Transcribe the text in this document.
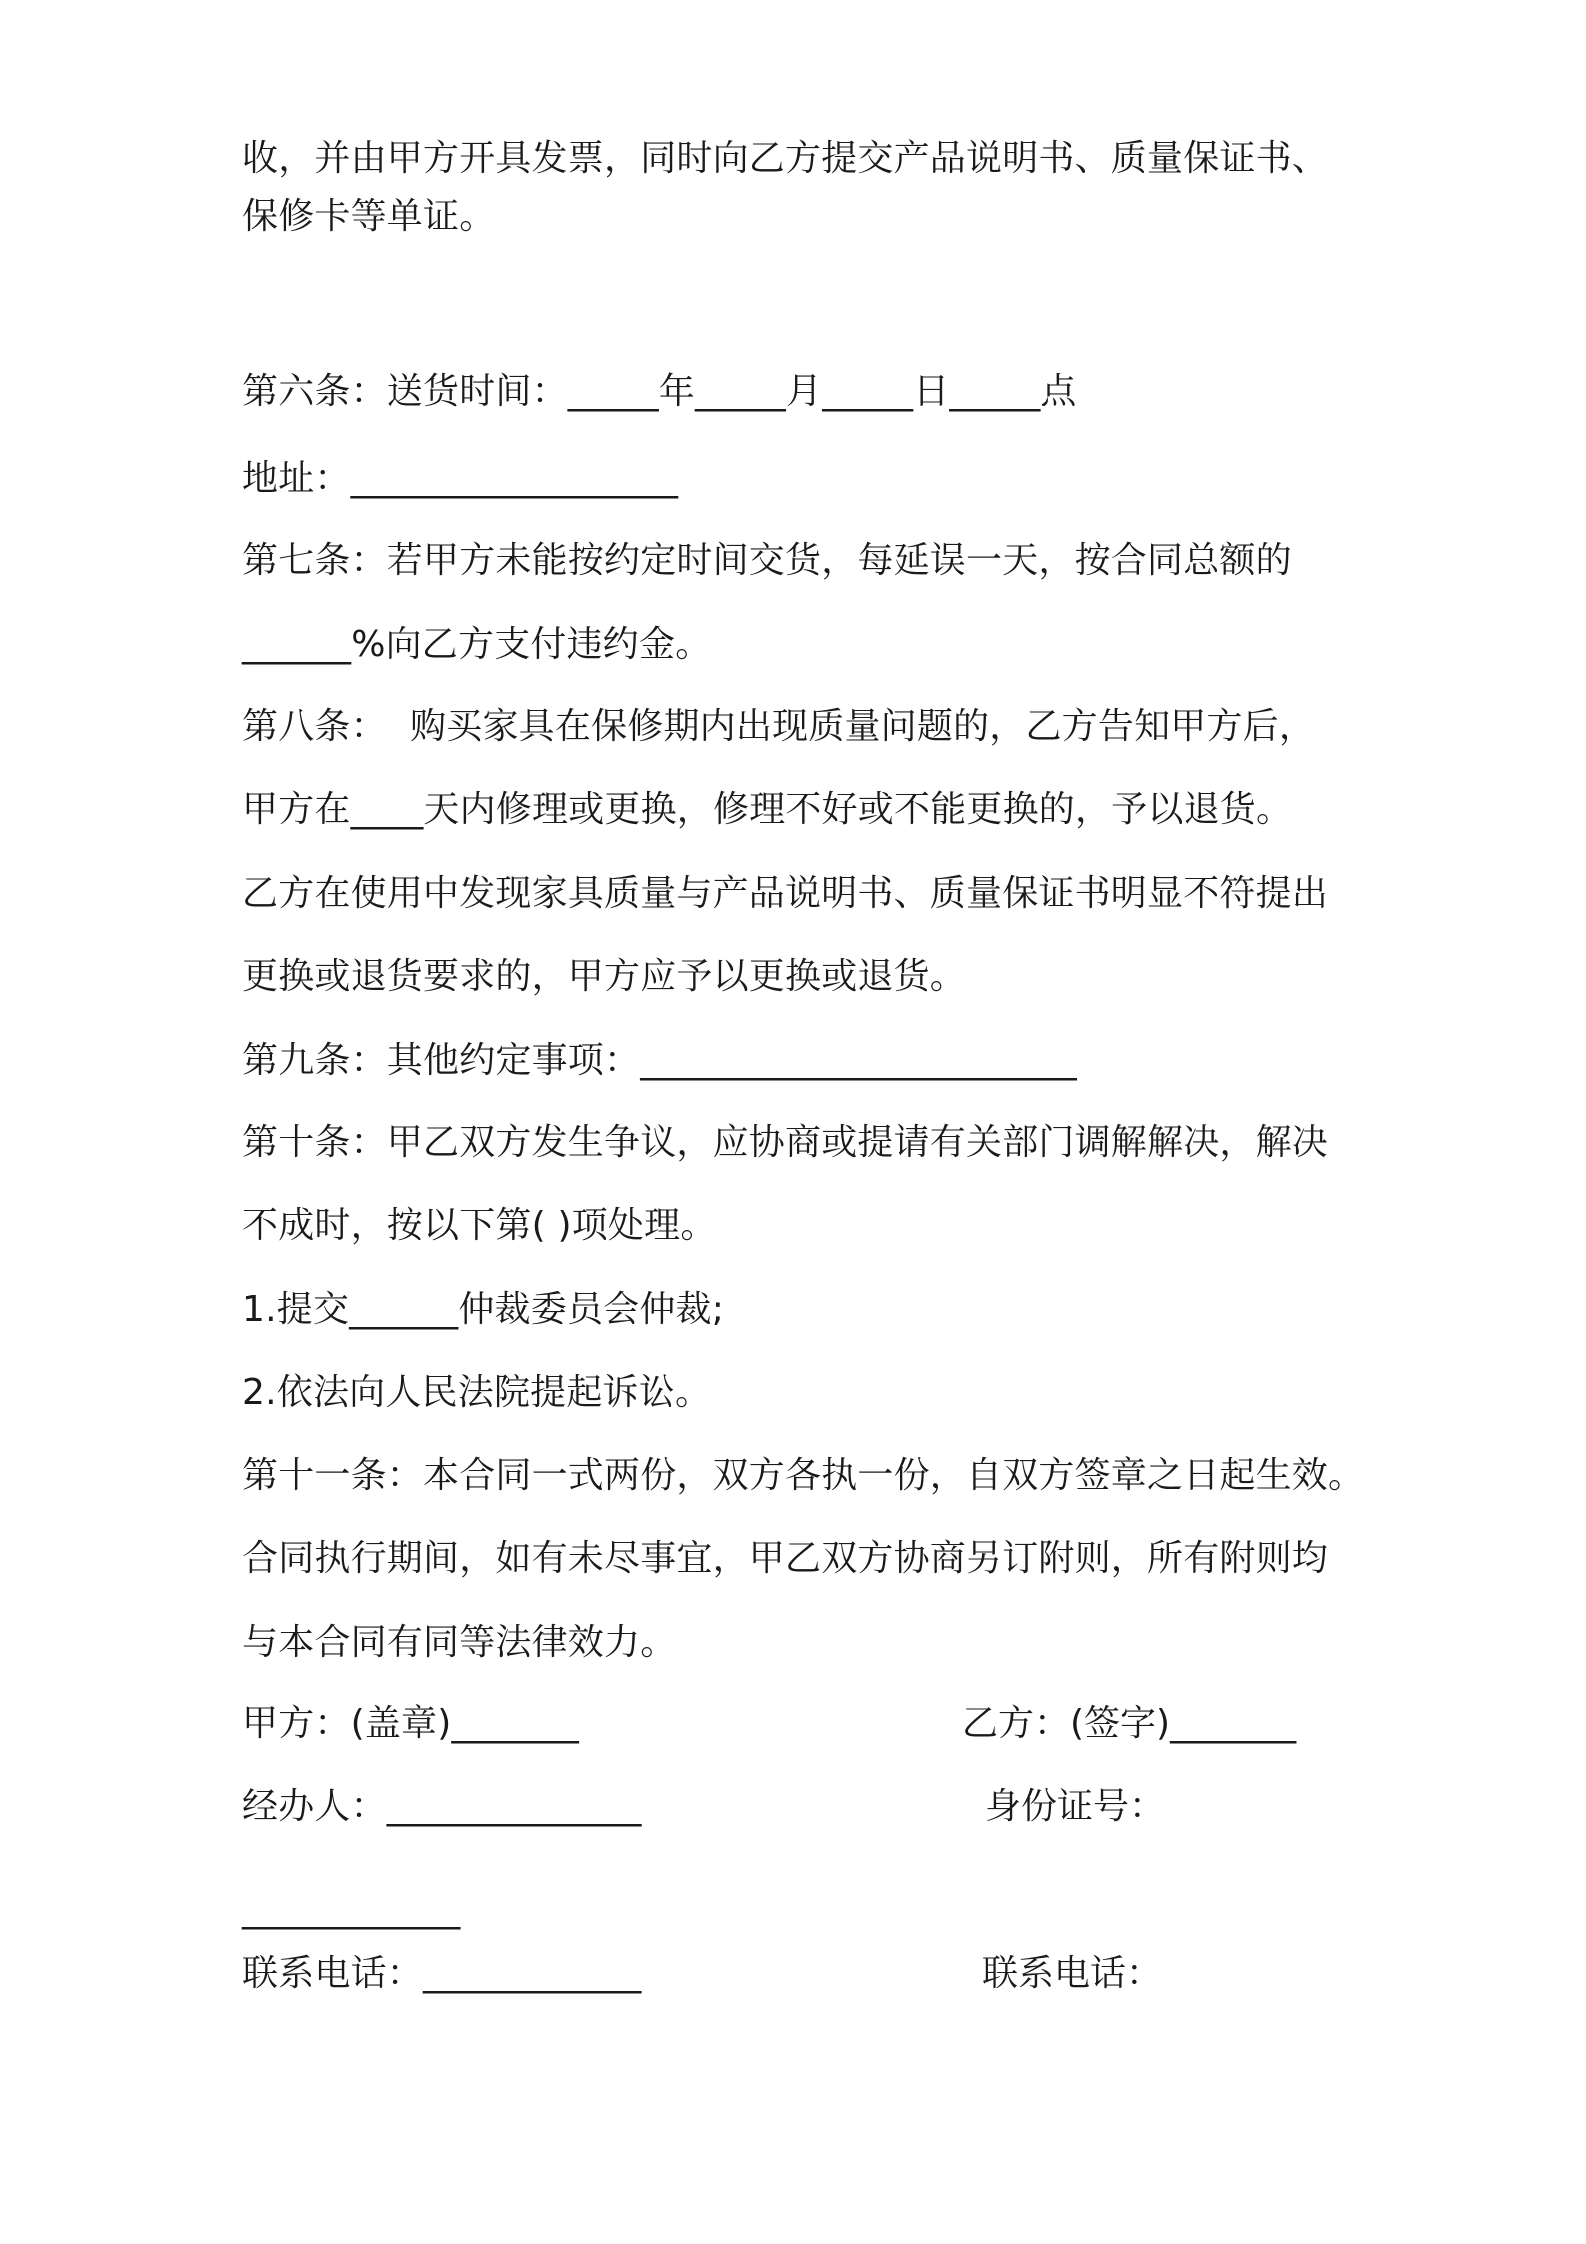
收，并由甲方开具发票，同时向乙方提交产品说明书、质量保证书、
保修卡等单证。
第六条：送货时间：_____年_____月_____日_____点
地址：__________________
第七条：若甲方未能按约定时间交货，每延误一天，按合同总额的
______%向乙方支付违约金。
第八条：  购买家具在保修期内出现质量问题的，乙方告知甲方后，
甲方在____天内修理或更换，修理不好或不能更换的，予以退货。
乙方在使用中发现家具质量与产品说明书、质量保证书明显不符提出
更换或退货要求的，甲方应予以更换或退货。
第九条：其他约定事项：________________________
第十条：甲乙双方发生争议，应协商或提请有关部门调解解决，解决
不成时，按以下第( )项处理。
1.提交______仲裁委员会仲裁;
2.依法向人民法院提起诉讼。
第十一条：本合同一式两份，双方各执一份，自双方签章之日起生效。
合同执行期间，如有未尽事宜，甲乙双方协商另订附则，所有附则均
与本合同有同等法律效力。
甲方：(盖章)_______	乙方：(签字)_______
经办人：______________	身份证号：
____________
联系电话：____________	联系电话：
